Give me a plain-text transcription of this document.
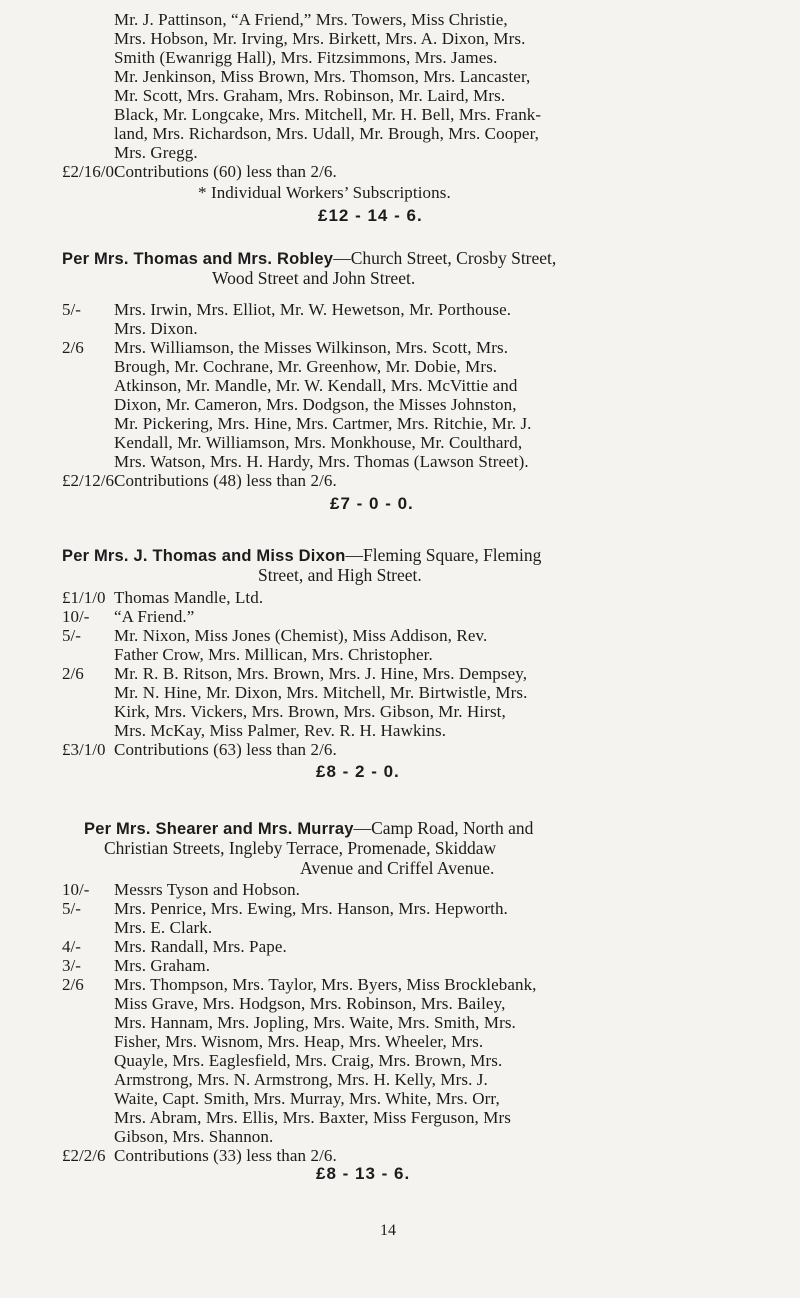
Mr. J. Pattinson, “A Friend,” Mrs. Towers, Miss Christie,
Mrs. Hobson, Mr. Irving, Mrs. Birkett, Mrs. A. Dixon, Mrs.
Smith (Ewanrigg Hall), Mrs. Fitzsimmons, Mrs. James.
Mr. Jenkinson, Miss Brown, Mrs. Thomson, Mrs. Lancaster,
Mr. Scott, Mrs. Graham, Mrs. Robinson, Mr. Laird, Mrs.
Black, Mr. Longcake, Mrs. Mitchell, Mr. H. Bell, Mrs. Frank-
land, Mrs. Richardson, Mrs. Udall, Mr. Brough, Mrs. Cooper,
Mrs. Gregg.
£2/16/0 Contributions (60) less than 2/6.
* Individual Workers’ Subscriptions.
£12 - 14 - 6.
Per Mrs. Thomas and Mrs. Robley—Church Street, Crosby Street,
Wood Street and John Street.
5/- Mrs. Irwin, Mrs. Elliot, Mr. W. Hewetson, Mr. Porthouse.
Mrs. Dixon.
2/6 Mrs. Williamson, the Misses Wilkinson, Mrs. Scott, Mrs.
Brough, Mr. Cochrane, Mr. Greenhow, Mr. Dobie, Mrs.
Atkinson, Mr. Mandle, Mr. W. Kendall, Mrs. McVittie and
Dixon, Mr. Cameron, Mrs. Dodgson, the Misses Johnston,
Mr. Pickering, Mrs. Hine, Mrs. Cartmer, Mrs. Ritchie, Mr. J.
Kendall, Mr. Williamson, Mrs. Monkhouse, Mr. Coulthard,
Mrs. Watson, Mrs. H. Hardy, Mrs. Thomas (Lawson Street).
£2/12/6 Contributions (48) less than 2/6.
£7 - 0 - 0.
Per Mrs. J. Thomas and Miss Dixon—Fleming Square, Fleming
Street, and High Street.
£1/1/0 Thomas Mandle, Ltd.
10/- “A Friend.”
5/- Mr. Nixon, Miss Jones (Chemist), Miss Addison, Rev.
Father Crow, Mrs. Millican, Mrs. Christopher.
2/6 Mr. R. B. Ritson, Mrs. Brown, Mrs. J. Hine, Mrs. Dempsey,
Mr. N. Hine, Mr. Dixon, Mrs. Mitchell, Mr. Birtwistle, Mrs.
Kirk, Mrs. Vickers, Mrs. Brown, Mrs. Gibson, Mr. Hirst,
Mrs. McKay, Miss Palmer, Rev. R. H. Hawkins.
£3/1/0 Contributions (63) less than 2/6.
£8 - 2 - 0.
Per Mrs. Shearer and Mrs. Murray—Camp Road, North and
Christian Streets, Ingleby Terrace, Promenade, Skiddaw
Avenue and Criffel Avenue.
10/- Messrs Tyson and Hobson.
5/- Mrs. Penrice, Mrs. Ewing, Mrs. Hanson, Mrs. Hepworth.
Mrs. E. Clark.
4/- Mrs. Randall, Mrs. Pape.
3/- Mrs. Graham.
2/6 Mrs. Thompson, Mrs. Taylor, Mrs. Byers, Miss Brocklebank,
Miss Grave, Mrs. Hodgson, Mrs. Robinson, Mrs. Bailey,
Mrs. Hannam, Mrs. Jopling, Mrs. Waite, Mrs. Smith, Mrs.
Fisher, Mrs. Wisnom, Mrs. Heap, Mrs. Wheeler, Mrs.
Quayle, Mrs. Eaglesfield, Mrs. Craig, Mrs. Brown, Mrs.
Armstrong, Mrs. N. Armstrong, Mrs. H. Kelly, Mrs. J.
Waite, Capt. Smith, Mrs. Murray, Mrs. White, Mrs. Orr,
Mrs. Abram, Mrs. Ellis, Mrs. Baxter, Miss Ferguson, Mrs
Gibson, Mrs. Shannon.
£2/2/6 Contributions (33) less than 2/6.
£8 - 13 - 6.
14
